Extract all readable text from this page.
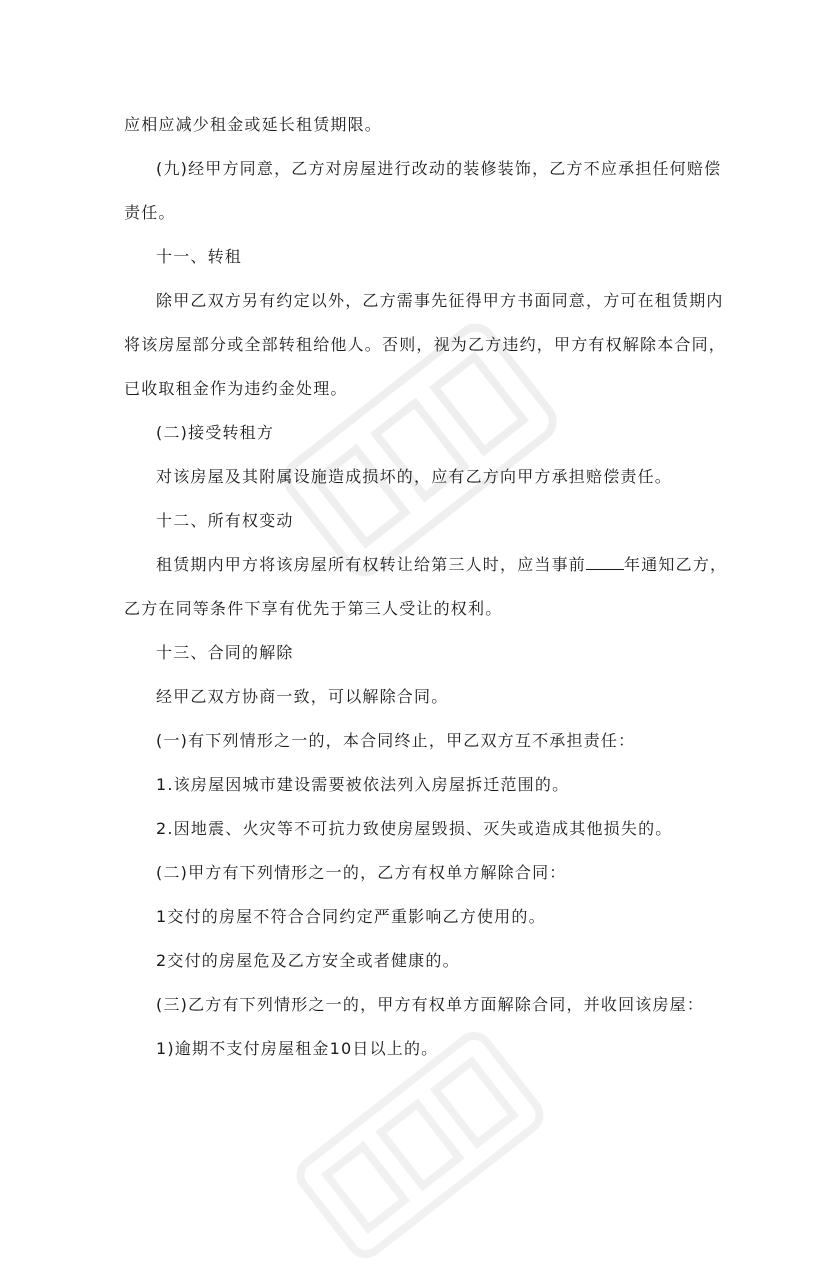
应相应减少租金或延长租赁期限。
(九)经甲方同意，乙方对房屋进行改动的装修装饰，乙方不应承担任何赔偿
责任。
十一、转租
除甲乙双方另有约定以外，乙方需事先征得甲方书面同意，方可在租赁期内
将该房屋部分或全部转租给他人。否则，视为乙方违约，甲方有权解除本合同，
已收取租金作为违约金处理。
(二)接受转租方
对该房屋及其附属设施造成损坏的，应有乙方向甲方承担赔偿责任。
十二、所有权变动
租赁期内甲方将该房屋所有权转让给第三人时，应当事前 年通知乙方，
乙方在同等条件下享有优先于第三人受让的权利。
十三、合同的解除
经甲乙双方协商一致，可以解除合同。
(一)有下列情形之一的，本合同终止，甲乙双方互不承担责任：
1.该房屋因城市建设需要被依法列入房屋拆迁范围的。
2.因地震、火灾等不可抗力致使房屋毁损、灭失或造成其他损失的。
(二)甲方有下列情形之一的，乙方有权单方解除合同：
1交付的房屋不符合合同约定严重影响乙方使用的。
2交付的房屋危及乙方安全或者健康的。
(三)乙方有下列情形之一的，甲方有权单方面解除合同，并收回该房屋：
1)逾期不支付房屋租金10日以上的。
